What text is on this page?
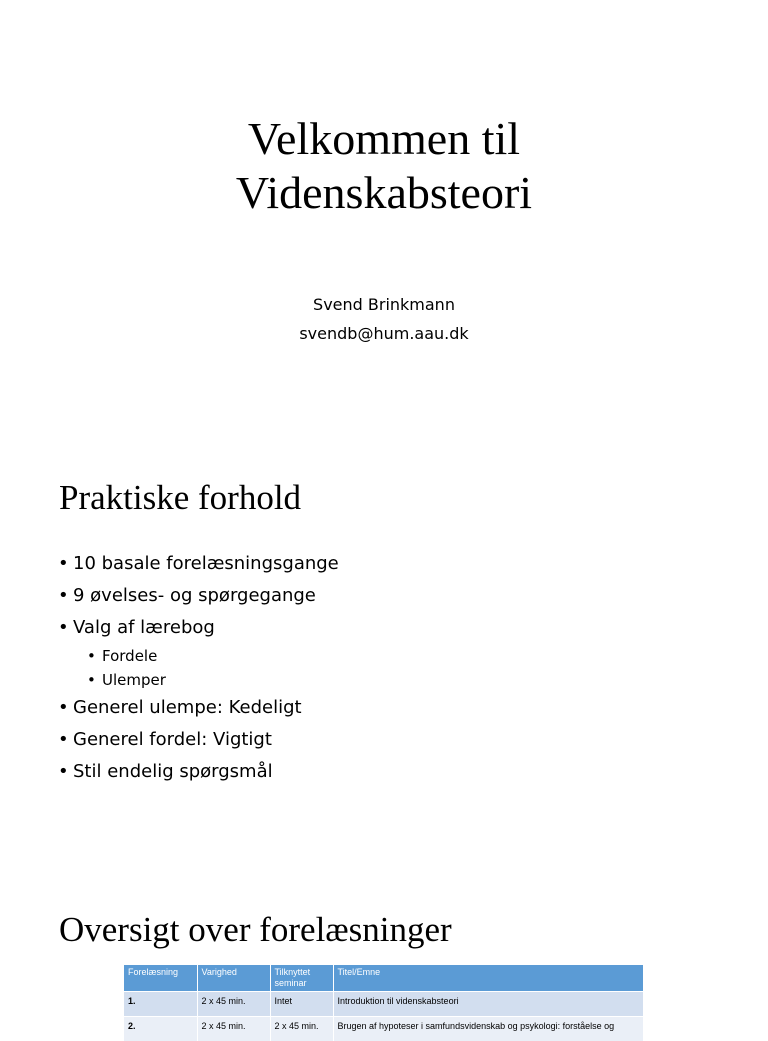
Velkommen til
Videnskabsteori
Svend Brinkmann
svendb@hum.aau.dk
Praktiske forhold
• 10 basale forelæsningsgange
• 9 øvelses- og spørgegange
• Valg af lærebog
• Fordele
• Ulemper
• Generel ulempe: Kedeligt
• Generel fordel: Vigtigt
• Stil endelig spørgsmål
Oversigt over forelæsninger
Forelæsning	Varighed	Tilknyttet seminar	Titel/Emne
1.	2 x 45 min.	Intet	Introduktion til videnskabsteori
2.	2 x 45 min.	2 x 45 min.	Brugen af hypoteser i samfundsvidenskab og psykologi: forståelse og
